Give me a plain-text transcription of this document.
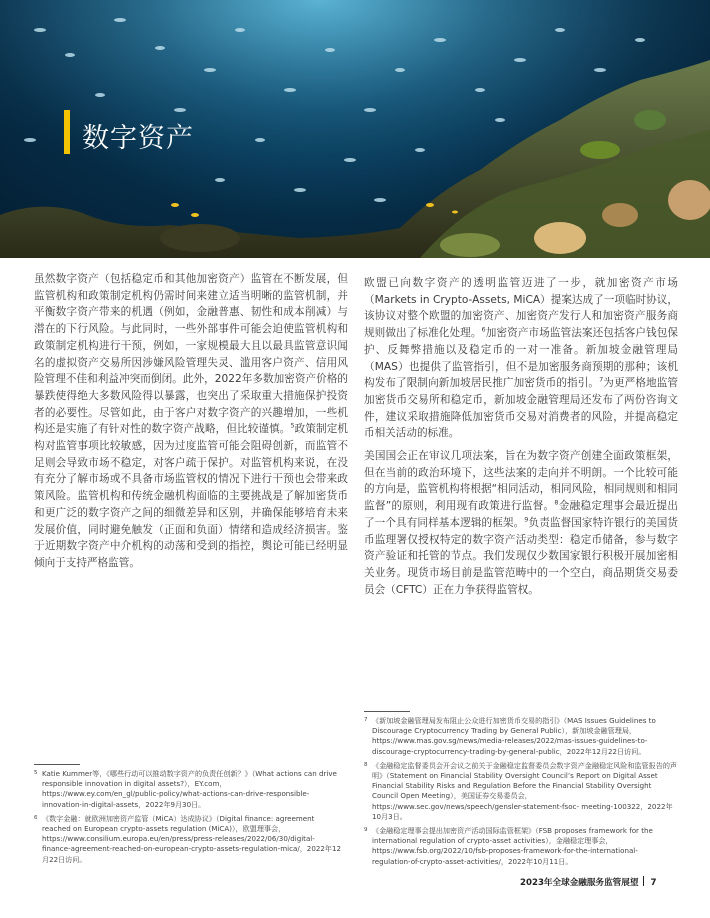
数字资产

虽然数字资产（包括稳定币和其他加密资产）监管在不断发展，但监管机构和政策制定机构仍需时间来建立适当明晰的监管机制，并平衡数字资产带来的机遇（例如，金融普惠、韧性和成本削减）与潜在的下行风险。与此同时，一些外部事件可能会迫使监管机构和政策制定机构进行干预，例如，一家规模最大且以最具监管意识闻名的虚拟资产交易所因涉嫌风险管理失灵、滥用客户资产、信用风险管理不佳和利益冲突而倒闭。此外，2022年多数加密资产价格的暴跌使得绝大多数风险得以暴露，也突出了采取重大措施保护投资者的必要性。尽管如此，由于客户对数字资产的兴趣增加，一些机构还是实施了有针对性的数字资产战略，但比较谨慎。$^5$政策制定机构对监管事项比较敏感，因为过度监管可能会阻碍创新，而监管不足则会导致市场不稳定，对客户疏于保护。对监管机构来说，在没有充分了解市场或不具备市场监管权的情况下进行干预也会带来政策风险。监管机构和传统金融机构面临的主要挑战是了解加密货币和更广泛的数字资产之间的细微差异和区别，并确保能够培育未来发展价值，同时避免触发（正面和负面）情绪和造成经济损害。鉴于近期数字资产中介机构的动荡和受到的指控，舆论可能已经明显倾向于支持严格监管。

欧盟已向数字资产的透明监管迈进了一步，就加密资产市场（Markets in Crypto-Assets, MiCA）提案达成了一项临时协议，该协议对整个欧盟的加密资产、加密资产发行人和加密资产服务商规则做出了标准化处理。$^6$加密资产市场监管法案还包括客户钱包保护、反舞弊措施以及稳定币的一对一准备。新加坡金融管理局（MAS）也提供了监管指引，但不是加密服务商预期的那种；该机构发布了限制向新加坡居民推广加密货币的指引。$^7$为更严格地监管加密货币交易所和稳定币，新加坡金融管理局还发布了两份咨询文件，建议采取措施降低加密货币交易对消费者的风险，并提高稳定币相关活动的标准。

美国国会正在审议几项法案，旨在为数字资产创建全面政策框架，但在当前的政治环境下，这些法案的走向并不明朗。一个比较可能的方向是，监管机构将根据“相同活动，相同风险，相同规则和相同监督”的原则，利用现有政策进行监督。$^8$金融稳定理事会最近提出了一个具有同样基本逻辑的框架。$^9$负责监督国家特许银行的美国货币监理署仅授权特定的数字资产活动类型：稳定币储备，参与数字资产验证和托管的节点。我们发现仅少数国家银行积极开展加密相关业务。现货市场目前是监管范畴中的一个空白，商品期货交易委员会（CFTC）正在力争获得监管权。

5 Katie Kummer等，《哪些行动可以推动数字资产的负责任创新？》（What actions can drive responsible innovation in digital assets?），EY.com，https://www.ey.com/en_gl/public-policy/what-actions-can-drive-responsible-innovation-in-digital-assets，2022年9月30日。
6 《数字金融：就欧洲加密资产监管（MiCA）达成协议》（Digital finance: agreement reached on European crypto-assets regulation (MiCA)），欧盟理事会，https://www.consilium.europa.eu/en/press/press-releases/2022/06/30/digital-finance-agreement-reached-on-european-crypto-assets-regulation-mica/，2022年12月22日访问。
7 《新加坡金融管理局发布阻止公众进行加密货币交易的指引》（MAS Issues Guidelines to Discourage Cryptocurrency Trading by General Public），新加坡金融管理局，https://www.mas.gov.sg/news/media-releases/2022/mas-issues-guidelines-to-discourage-cryptocurrency-trading-by-general-public，2022年12月22日访问。
8 《金融稳定监督委员会开会议之前关于金融稳定监督委员会数字资产金融稳定风险和监管报告的声明》（Statement on Financial Stability Oversight Council’s Report on Digital Asset Financial Stability Risks and Regulation Before the Financial Stability Oversight Council Open Meeting），美国证券交易委员会，https://www.sec.gov/news/speech/gensler-statement-fsoc- meeting-100322，2022年10月3日。
9 《金融稳定理事会提出加密资产活动国际监管框架》（FSB proposes framework for the international regulation of crypto-asset activities），金融稳定理事会，https://www.fsb.org/2022/10/fsb-proposes-framework-for-the-international- regulation-of-crypto-asset-activities/，2022年10月11日。
2023年全球金融服务监管展望 7
